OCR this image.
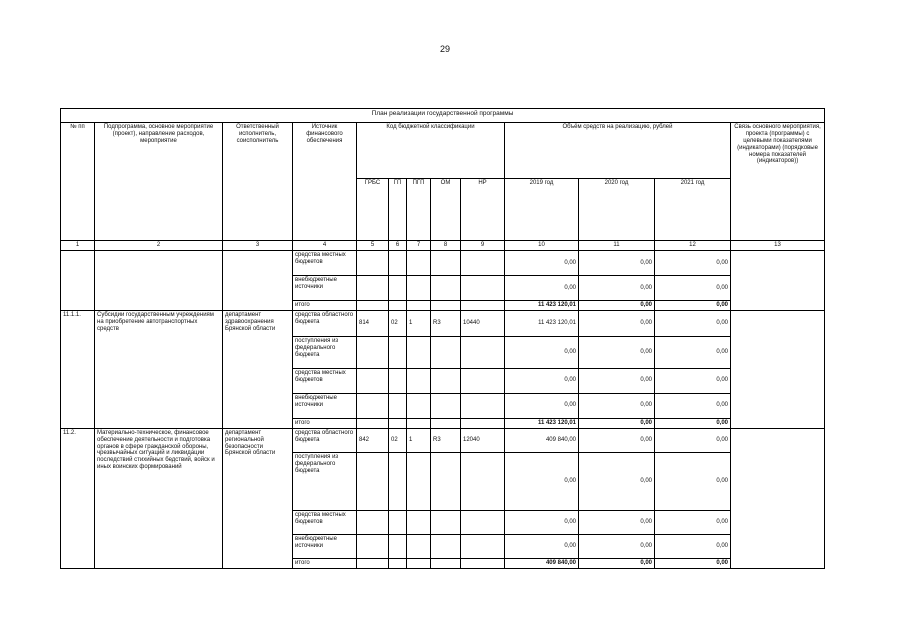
29
План реализации государственной программы												
№ пп	Подпрограмма, основное мероприятие (проект), направление расходов, мероприятие	Ответственный исполнитель, соисполнитель	Источник финансового обеспечения	Код бюджетной классификации					Объём средств на реализацию, рублей			Связь основного мероприятия, проекта (программы) с целевыми показателями (индикаторами) (порядковые номера показателей (индикаторов))
				ГРБС	ГП	ПГП	ОМ	НР	2019 год	2020 год	2021 год	
1	2	3	4	5	6	7	8	9	10	11	12	13
			средства местных бюджетов						0,00	0,00	0,00	
			внебюджетные источники						0,00	0,00	0,00	
			итого						11 423 120,01	0,00	0,00	
11.1.1.	Субсидии государственным учреждениям на приобретение автотранспортных средств	департамент здравоохранения Брянской области	средства областного бюджета	814	02	1	R3	10440	11 423 120,01	0,00	0,00	
			поступления из федерального бюджета						0,00	0,00	0,00	
			средства местных бюджетов						0,00	0,00	0,00	
			внебюджетные источники						0,00	0,00	0,00	
			итого						11 423 120,01	0,00	0,00	
11.2.	Материально-техническое, финансовое обеспечение деятельности и подготовка органов в сфере гражданской обороны, чрезвычайных ситуаций и ликвидации последствий стихийных бедствий, войск и иных воинских формирований	департамент региональной безопасности Брянской области	средства областного бюджета	842	02	1	R3	12040	409 840,00	0,00	0,00	
			поступления из федерального бюджета						0,00	0,00	0,00	
			средства местных бюджетов						0,00	0,00	0,00	
			внебюджетные источники						0,00	0,00	0,00	
			итого						409 840,00	0,00	0,00	
